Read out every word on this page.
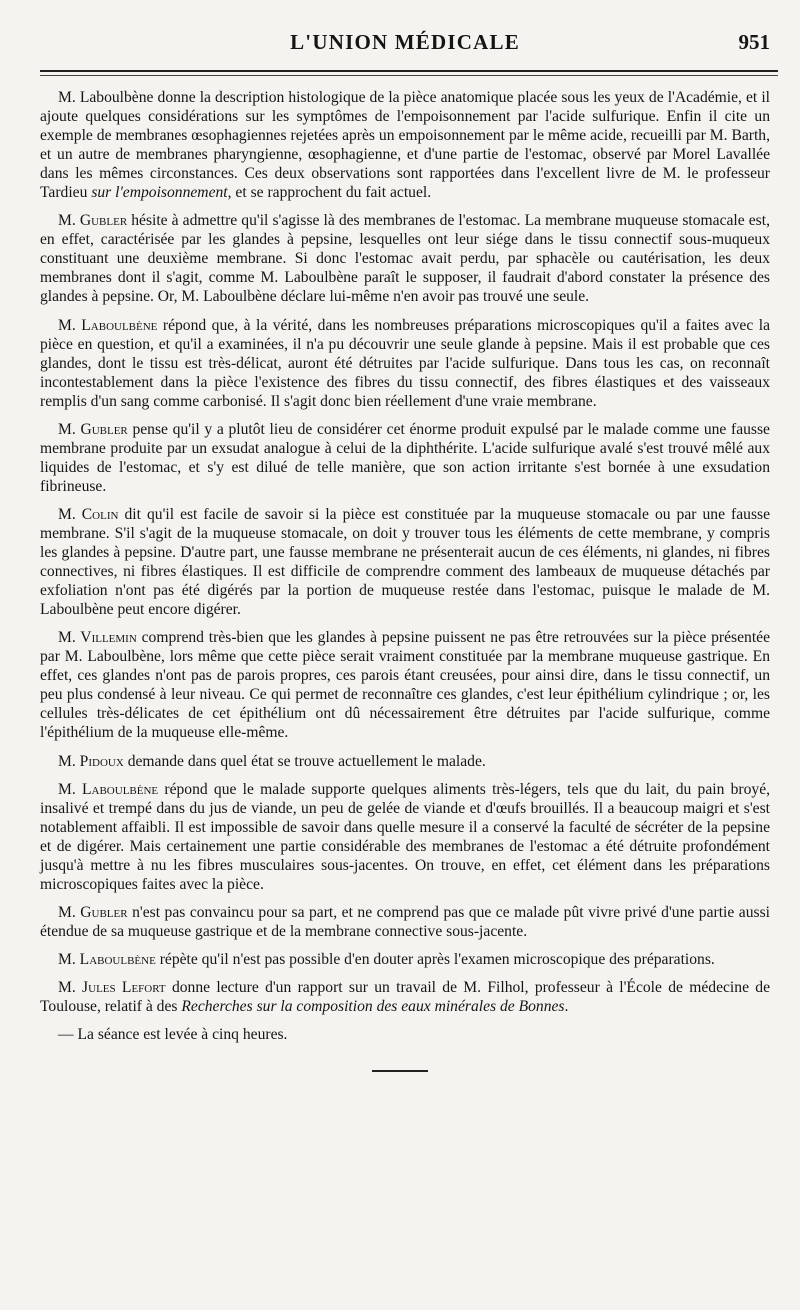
L'UNION MÉDICALE	951

M. Laboulbène donne la description histologique de la pièce anatomique placée sous les yeux de l'Académie, et il ajoute quelques considérations sur les symptômes de l'empoisonnement par l'acide sulfurique. Enfin il cite un exemple de membranes œsophagiennes rejetées après un empoisonnement par le même acide, recueilli par M. Barth, et un autre de membranes pharyngienne, œsophagienne, et d'une partie de l'estomac, observé par Morel Lavallée dans les mêmes circonstances. Ces deux observations sont rapportées dans l'excellent livre de M. le professeur Tardieu sur l'empoisonnement, et se rapprochent du fait actuel.

M. Gubler hésite à admettre qu'il s'agisse là des membranes de l'estomac. La membrane muqueuse stomacale est, en effet, caractérisée par les glandes à pepsine, lesquelles ont leur siége dans le tissu connectif sous-muqueux constituant une deuxième membrane. Si donc l'estomac avait perdu, par sphacèle ou cautérisation, les deux membranes dont il s'agit, comme M. Laboulbène paraît le supposer, il faudrait d'abord constater la présence des glandes à pepsine. Or, M. Laboulbène déclare lui-même n'en avoir pas trouvé une seule.

M. Laboulbène répond que, à la vérité, dans les nombreuses préparations microscopiques qu'il a faites avec la pièce en question, et qu'il a examinées, il n'a pu découvrir une seule glande à pepsine. Mais il est probable que ces glandes, dont le tissu est très-délicat, auront été détruites par l'acide sulfurique. Dans tous les cas, on reconnaît incontestablement dans la pièce l'existence des fibres du tissu connectif, des fibres élastiques et des vaisseaux remplis d'un sang comme carbonisé. Il s'agit donc bien réellement d'une vraie membrane.

M. Gubler pense qu'il y a plutôt lieu de considérer cet énorme produit expulsé par le malade comme une fausse membrane produite par un exsudat analogue à celui de la diphthérite. L'acide sulfurique avalé s'est trouvé mêlé aux liquides de l'estomac, et s'y est dilué de telle manière, que son action irritante s'est bornée à une exsudation fibrineuse.

M. Colin dit qu'il est facile de savoir si la pièce est constituée par la muqueuse stomacale ou par une fausse membrane. S'il s'agit de la muqueuse stomacale, on doit y trouver tous les éléments de cette membrane, y compris les glandes à pepsine. D'autre part, une fausse membrane ne présenterait aucun de ces éléments, ni glandes, ni fibres connectives, ni fibres élastiques. Il est difficile de comprendre comment des lambeaux de muqueuse détachés par exfoliation n'ont pas été digérés par la portion de muqueuse restée dans l'estomac, puisque le malade de M. Laboulbène peut encore digérer.

M. Villemin comprend très-bien que les glandes à pepsine puissent ne pas être retrouvées sur la pièce présentée par M. Laboulbène, lors même que cette pièce serait vraiment constituée par la membrane muqueuse gastrique. En effet, ces glandes n'ont pas de parois propres, ces parois étant creusées, pour ainsi dire, dans le tissu connectif, un peu plus condensé à leur niveau. Ce qui permet de reconnaître ces glandes, c'est leur épithélium cylindrique ; or, les cellules très-délicates de cet épithélium ont dû nécessairement être détruites par l'acide sulfurique, comme l'épithélium de la muqueuse elle-même.

M. Pidoux demande dans quel état se trouve actuellement le malade.

M. Laboulbène répond que le malade supporte quelques aliments très-légers, tels que du lait, du pain broyé, insalivé et trempé dans du jus de viande, un peu de gelée de viande et d'œufs brouillés. Il a beaucoup maigri et s'est notablement affaibli. Il est impossible de savoir dans quelle mesure il a conservé la faculté de sécréter de la pepsine et de digérer. Mais certainement une partie considérable des membranes de l'estomac a été détruite profondément jusqu'à mettre à nu les fibres musculaires sous-jacentes. On trouve, en effet, cet élément dans les préparations microscopiques faites avec la pièce.

M. Gubler n'est pas convaincu pour sa part, et ne comprend pas que ce malade pût vivre privé d'une partie aussi étendue de sa muqueuse gastrique et de la membrane connective sous-jacente.

M. Laboulbène répète qu'il n'est pas possible d'en douter après l'examen microscopique des préparations.

M. Jules Lefort donne lecture d'un rapport sur un travail de M. Filhol, professeur à l'École de médecine de Toulouse, relatif à des Recherches sur la composition des eaux minérales de Bonnes.

— La séance est levée à cinq heures.
